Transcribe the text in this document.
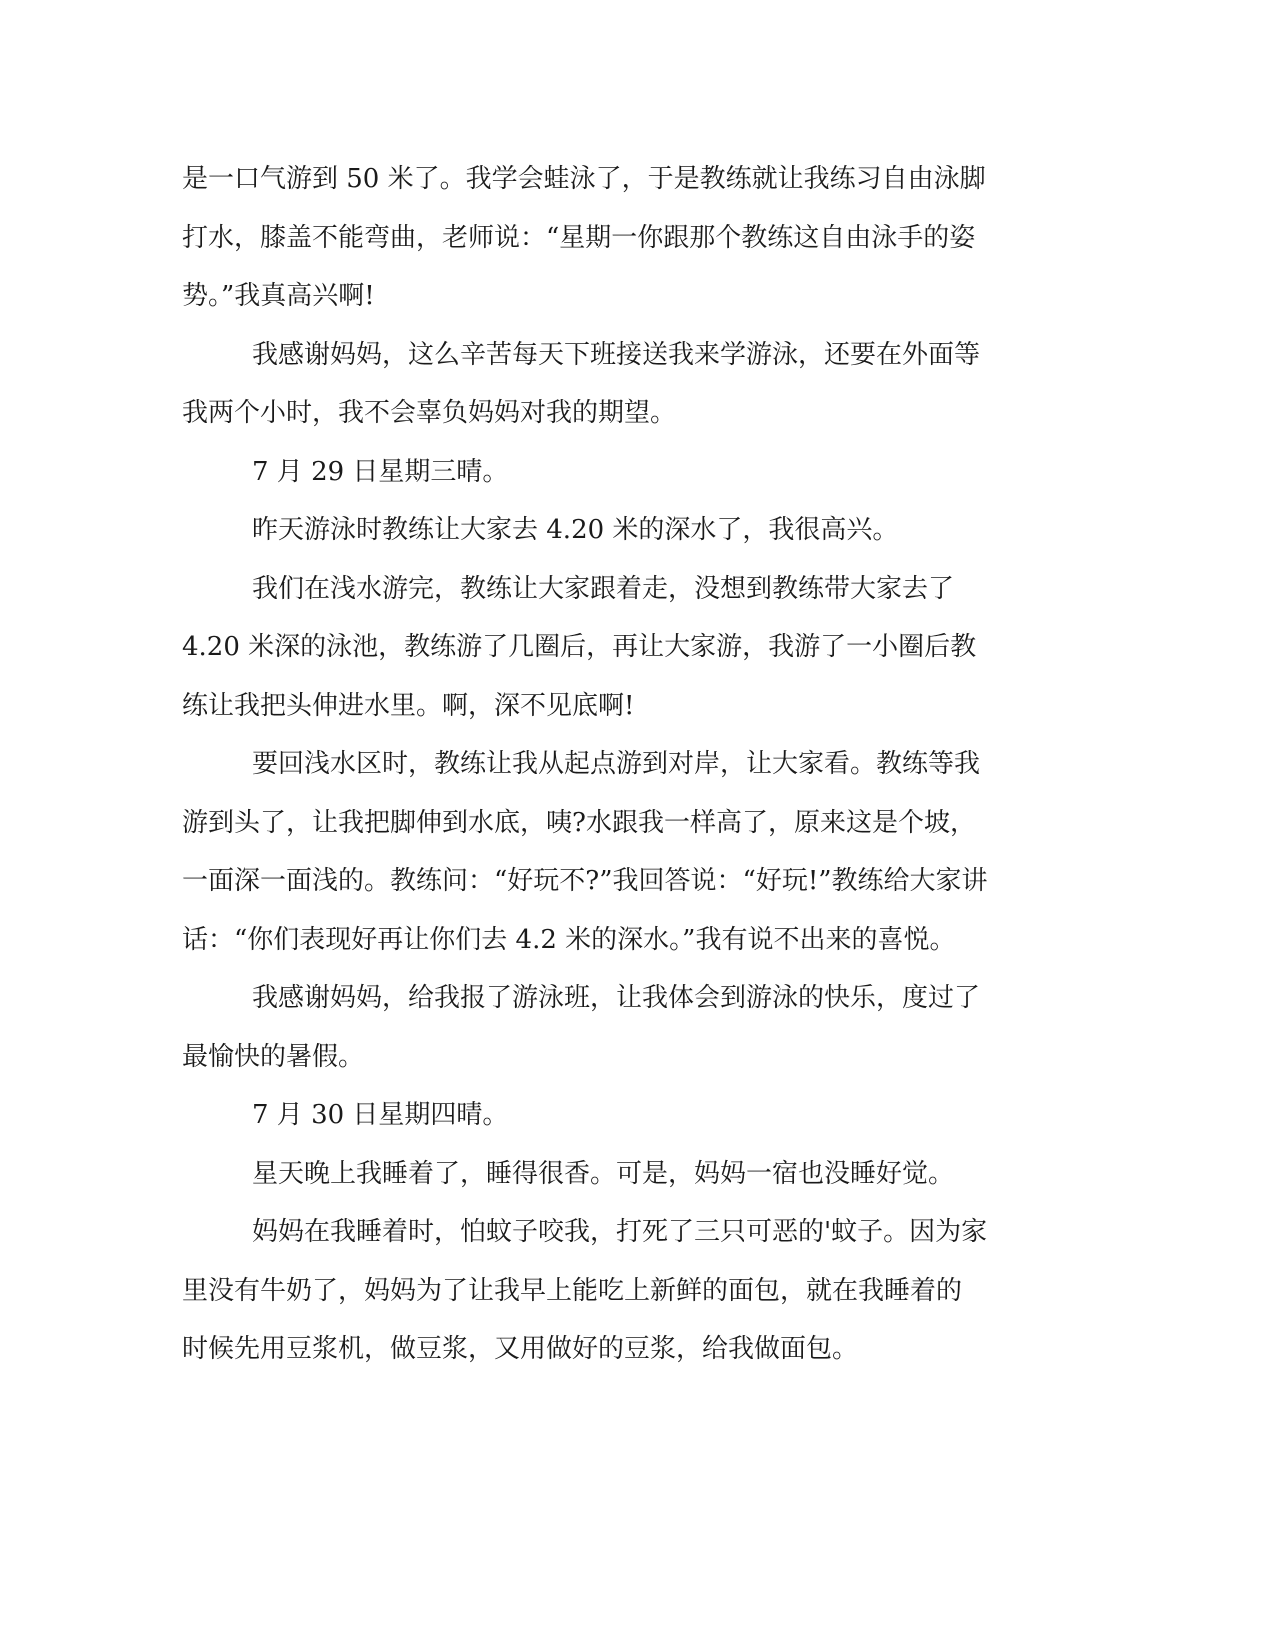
是一口气游到 50 米了。我学会蛙泳了，于是教练就让我练习自由泳脚
打水，膝盖不能弯曲，老师说：“星期一你跟那个教练这自由泳手的姿
势。”我真高兴啊!
我感谢妈妈，这么辛苦每天下班接送我来学游泳，还要在外面等
我两个小时，我不会辜负妈妈对我的期望。
7 月 29 日星期三晴。
昨天游泳时教练让大家去 4.20 米的深水了，我很高兴。
我们在浅水游完，教练让大家跟着走，没想到教练带大家去了
4.20 米深的泳池，教练游了几圈后，再让大家游，我游了一小圈后教
练让我把头伸进水里。啊，深不见底啊!
要回浅水区时，教练让我从起点游到对岸，让大家看。教练等我
游到头了，让我把脚伸到水底，咦?水跟我一样高了，原来这是个坡，
一面深一面浅的。教练问：“好玩不?”我回答说：“好玩!”教练给大家讲
话：“你们表现好再让你们去 4.2 米的深水。”我有说不出来的喜悦。
我感谢妈妈，给我报了游泳班，让我体会到游泳的快乐，度过了
最愉快的暑假。
7 月 30 日星期四晴。
星天晚上我睡着了，睡得很香。可是，妈妈一宿也没睡好觉。
妈妈在我睡着时，怕蚊子咬我，打死了三只可恶的'蚊子。因为家
里没有牛奶了，妈妈为了让我早上能吃上新鲜的面包，就在我睡着的
时候先用豆浆机，做豆浆，又用做好的豆浆，给我做面包。
